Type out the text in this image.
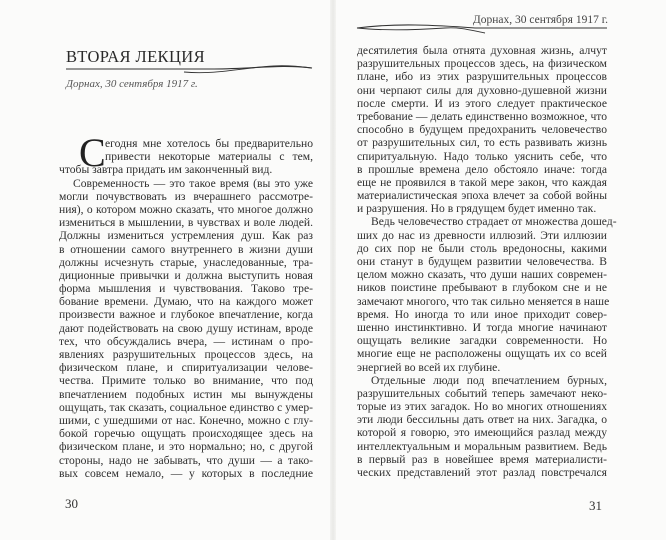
ВТОРАЯ ЛЕКЦИЯ
Дорнах, 30 сентября 1917 г.
егодня мне хотелось бы предварительно
привести некоторые материалы с тем,
чтобы завтра придать им законченный вид.
Современность — это такое время (вы это уже
могли почувствовать из вчерашнего рассмотре-
ния), о котором можно сказать, что многое должно
измениться в мышлении, в чувствах и воле людей.
Должны измениться устремления душ. Как раз
в отношении самого внутреннего в жизни души
должны исчезнуть старые, унаследованные, тра-
диционные привычки и должна выступить новая
форма мышления и чувствования. Таково тре-
бование времени. Думаю, что на каждого может
произвести важное и глубокое впечатление, когда
дают подействовать на свою душу истинам, вроде
тех, что обсуждались вчера, — истинам о про-
явлениях разрушительных процессов здесь, на
физическом плане, и спиритуализации челове-
чества. Примите только во внимание, что под
впечатлением подобных истин мы вынуждены
ощущать, так сказать, социальное единство с умер-
шими, с ушедшими от нас. Конечно, можно с глу-
бокой горечью ощущать происходящее здесь на
физическом плане, и это нормально; но, с другой
стороны, надо не забывать, что души — а тако-
вых совсем немало, — у которых в последние
С
30
Дорнах, 30 сентября 1917 г.
десятилетия была отнята духовная жизнь, алчут
разрушительных процессов здесь, на физическом
плане, ибо из этих разрушительных процессов
они черпают силы для духовно-душевной жизни
после смерти. И из этого следует практическое
требование — делать единственно возможное, что
способно в будущем предохранить человечество
от разрушительных сил, то есть развивать жизнь
спиритуальную. Надо только уяснить себе, что
в прошлые времена дело обстояло иначе: тогда
еще не проявился в такой мере закон, что каждая
материалистическая эпоха влечет за собой войны
и разрушения. Но в грядущем будет именно так.
Ведь человечество страдает от множества дошед-
ших до нас из древности иллюзий. Эти иллюзии
до сих пор не были столь вредоносны, какими
они станут в будущем развитии человечества. В
целом можно сказать, что души наших современ-
ников поистине пребывают в глубоком сне и не
замечают многого, что так сильно меняется в наше
время. Но иногда то или иное приходит совер-
шенно инстинктивно. И тогда многие начинают
ощущать великие загадки современности. Но
многие еще не расположены ощущать их со всей
энергией во всей их глубине.
Отдельные люди под впечатлением бурных,
разрушительных событий теперь замечают неко-
торые из этих загадок. Но во многих отношениях
эти люди бессильны дать ответ на них. Загадка, о
которой я говорю, это имеющийся разлад между
интеллектуальным и моральным развитием. Ведь
в первый раз в новейшее время материалисти-
ческих представлений этот разлад повстречался
31
